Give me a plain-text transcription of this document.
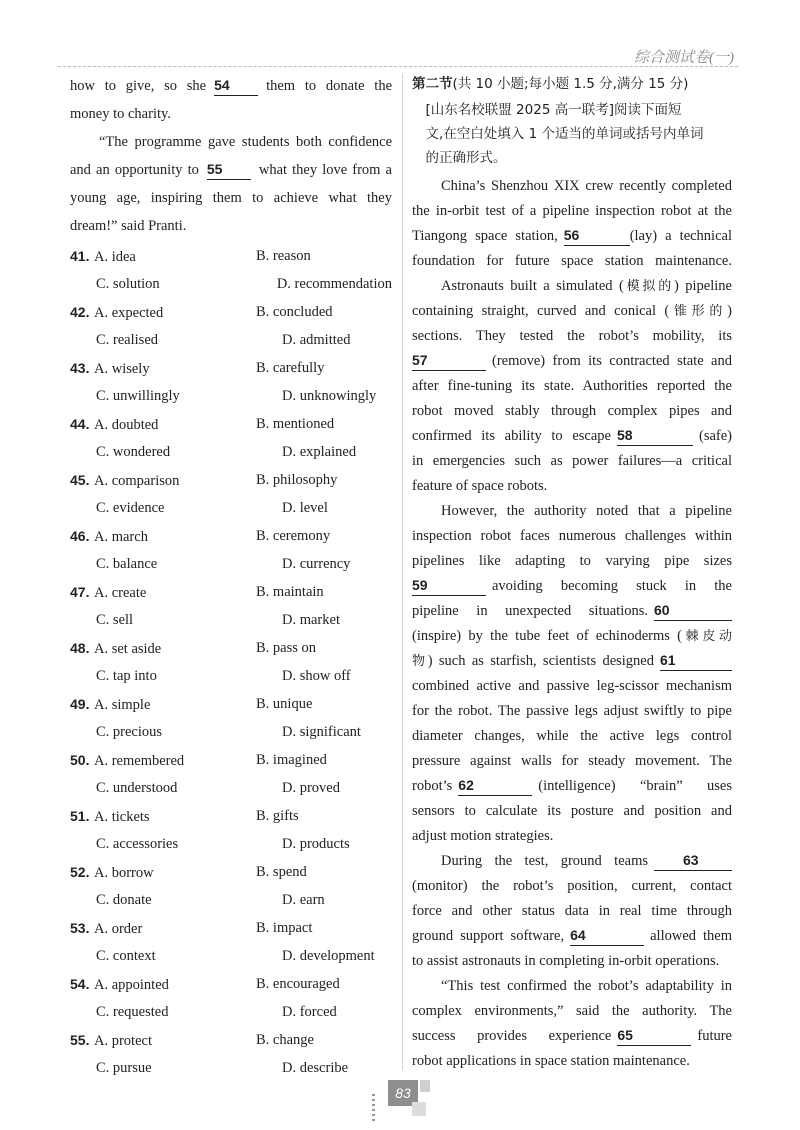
综合测试卷(一)
how to give, so she 54	them to donate the
money to charity.
“The programme gave students both confidence
and an opportunity to 55	what they love from a
young age, inspiring them to achieve what they
dream!” said Pranti.
41. A. idea	B. reason
C. solution	D. recommendation
42. A. expected	B. concluded
C. realised	D. admitted
43. A. wisely	B. carefully
C. unwillingly	D. unknowingly
44. A. doubted	B. mentioned
C. wondered	D. explained
45. A. comparison	B. philosophy
C. evidence	D. level
46. A. march	B. ceremony
C. balance	D. currency
47. A. create	B. maintain
C. sell	D. market
48. A. set aside	B. pass on
C. tap into	D. show off
49. A. simple	B. unique
C. precious	D. significant
50. A. remembered	B. imagined
C. understood	D. proved
51. A. tickets	B. gifts
C. accessories	D. products
52. A. borrow	B. spend
C. donate	D. earn
53. A. order	B. impact
C. context	D. development
54. A. appointed	B. encouraged
C. requested	D. forced
55. A. protect	B. change
C. pursue	D. describe
第二节(共 10 小题;每小题 1.5 分,满分 15 分)
[山东名校联盟 2025 高一联考]阅读下面短
文,在空白处填入 1 个适当的单词或括号内单词
的正确形式。
China’s Shenzhou XIX crew recently completed
the in-orbit test of a pipeline inspection robot at the
Tiangong space station, 56	(lay) a technical
foundation for future space station maintenance.
Astronauts built a simulated (模拟的) pipeline
containing straight, curved and conical (锥形的)
sections. They tested the robot’s mobility, its
57	(remove) from its contracted state and
after fine-tuning its state. Authorities reported the
robot moved stably through complex pipes and
confirmed its ability to escape 58	(safe)
in emergencies such as power failures—a critical
feature of space robots.
However, the authority noted that a pipeline
inspection robot faces numerous challenges within
pipelines like adapting to varying pipe sizes
59	avoiding becoming stuck in the
pipeline in unexpected situations. 60
(inspire) by the tube feet of echinoderms (棘皮动
物) such as starfish, scientists designed 61
combined active and passive leg-scissor mechanism
for the robot. The passive legs adjust swiftly to pipe
diameter changes, while the active legs control
pressure against walls for steady movement. The
robot’s 62	(intelligence) “brain” uses
sensors to calculate its posture and position and
adjust motion strategies.
During the test, ground teams	63
(monitor) the robot’s position, current, contact
force and other status data in real time through
ground support software, 64	allowed them
to assist astronauts in completing in-orbit operations.
“This test confirmed the robot’s adaptability in
complex environments,” said the authority. The
success provides experience 65	future
robot applications in space station maintenance.
83
